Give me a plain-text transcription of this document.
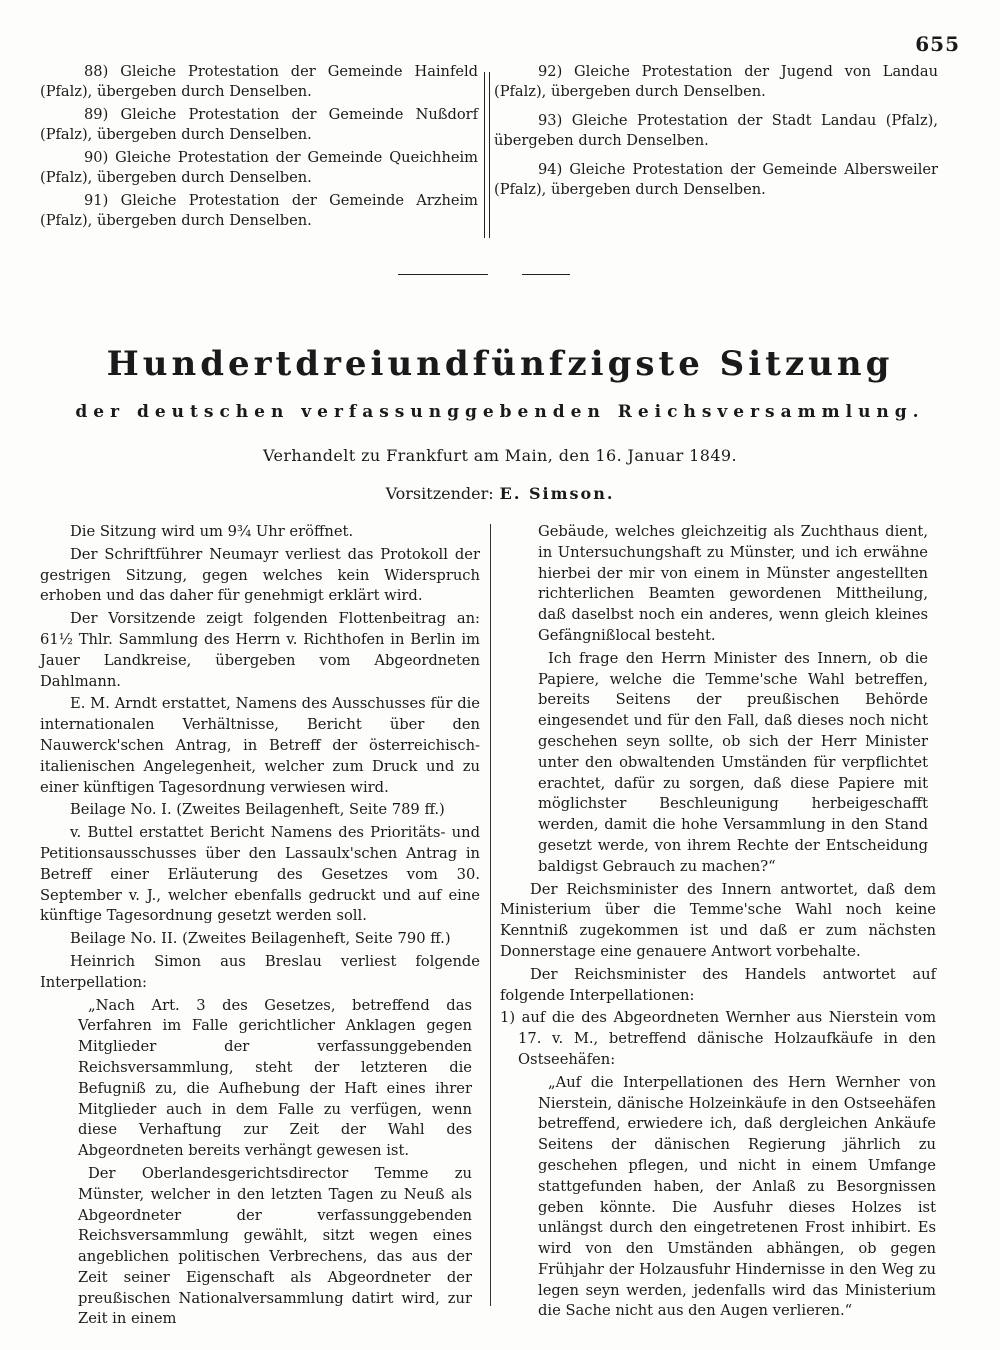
655

88) Gleiche Protestation der Gemeinde Hainfeld (Pfalz), übergeben durch Denselben.

89) Gleiche Protestation der Gemeinde Nußdorf (Pfalz), übergeben durch Denselben.

90) Gleiche Protestation der Gemeinde Queichheim (Pfalz), übergeben durch Denselben.

91) Gleiche Protestation der Gemeinde Arzheim (Pfalz), übergeben durch Denselben.

92) Gleiche Protestation der Jugend von Landau (Pfalz), übergeben durch Denselben.

93) Gleiche Protestation der Stadt Landau (Pfalz), übergeben durch Denselben.

94) Gleiche Protestation der Gemeinde Albersweiler (Pfalz), übergeben durch Denselben.

Hundertdreiundfünfzigste Sitzung
der deutschen verfassunggebenden Reichsversammlung.
Verhandelt zu Frankfurt am Main, den 16. Januar 1849.
Vorsitzender: E. Simson.

Die Sitzung wird um 9¾ Uhr eröffnet.

Der Schriftführer Neumayr verliest das Protokoll der gestrigen Sitzung, gegen welches kein Widerspruch erhoben und das daher für genehmigt erklärt wird.

Der Vorsitzende zeigt folgenden Flottenbeitrag an: 61½ Thlr. Sammlung des Herrn v. Richthofen in Berlin im Jauer Landkreise, übergeben vom Abgeordneten Dahlmann.

E. M. Arndt erstattet, Namens des Ausschusses für die internationalen Verhältnisse, Bericht über den Nauwerck'schen Antrag, in Betreff der österreichisch-italienischen Angelegenheit, welcher zum Druck und zu einer künftigen Tagesordnung verwiesen wird.

Beilage No. I. (Zweites Beilagenheft, Seite 789 ff.)

v. Buttel erstattet Bericht Namens des Prioritäts- und Petitionsausschusses über den Lassaulx'schen Antrag in Betreff einer Erläuterung des Gesetzes vom 30. September v. J., welcher ebenfalls gedruckt und auf eine künftige Tagesordnung gesetzt werden soll.

Beilage No. II. (Zweites Beilagenheft, Seite 790 ff.)

Heinrich Simon aus Breslau verliest folgende Interpellation:

„Nach Art. 3 des Gesetzes, betreffend das Verfahren im Falle gerichtlicher Anklagen gegen Mitglieder der verfassunggebenden Reichsversammlung, steht der letzteren die Befugniß zu, die Aufhebung der Haft eines ihrer Mitglieder auch in dem Falle zu verfügen, wenn diese Verhaftung zur Zeit der Wahl des Abgeordneten bereits verhängt gewesen ist.

Der Oberlandesgerichtsdirector Temme zu Münster, welcher in den letzten Tagen zu Neuß als Abgeordneter der verfassunggebenden Reichsversammlung gewählt, sitzt wegen eines angeblichen politischen Verbrechens, das aus der Zeit seiner Eigenschaft als Abgeordneter der preußischen Nationalversammlung datirt wird, zur Zeit in einem

Gebäude, welches gleichzeitig als Zuchthaus dient, in Untersuchungshaft zu Münster, und ich erwähne hierbei der mir von einem in Münster angestellten richterlichen Beamten gewordenen Mittheilung, daß daselbst noch ein anderes, wenn gleich kleines Gefängnißlocal besteht.

Ich frage den Herrn Minister des Innern, ob die Papiere, welche die Temme'sche Wahl betreffen, bereits Seitens der preußischen Behörde eingesendet und für den Fall, daß dieses noch nicht geschehen seyn sollte, ob sich der Herr Minister unter den obwaltenden Umständen für verpflichtet erachtet, dafür zu sorgen, daß diese Papiere mit möglichster Beschleunigung herbeigeschafft werden, damit die hohe Versammlung in den Stand gesetzt werde, von ihrem Rechte der Entscheidung baldigst Gebrauch zu machen?“

Der Reichsminister des Innern antwortet, daß dem Ministerium über die Temme'sche Wahl noch keine Kenntniß zugekommen ist und daß er zum nächsten Donnerstage eine genauere Antwort vorbehalte.

Der Reichsminister des Handels antwortet auf folgende Interpellationen:

1) auf die des Abgeordneten Wernher aus Nierstein vom 17. v. M., betreffend dänische Holzaufkäufe in den Ostseehäfen:

„Auf die Interpellationen des Hern Wernher von Nierstein, dänische Holzeinkäufe in den Ostseehäfen betreffend, erwiedere ich, daß dergleichen Ankäufe Seitens der dänischen Regierung jährlich zu geschehen pflegen, und nicht in einem Umfange stattgefunden haben, der Anlaß zu Besorgnissen geben könnte. Die Ausfuhr dieses Holzes ist unlängst durch den eingetretenen Frost inhibirt. Es wird von den Umständen abhängen, ob gegen Frühjahr der Holzausfuhr Hindernisse in den Weg zu legen seyn werden, jedenfalls wird das Ministerium die Sache nicht aus den Augen verlieren.“
